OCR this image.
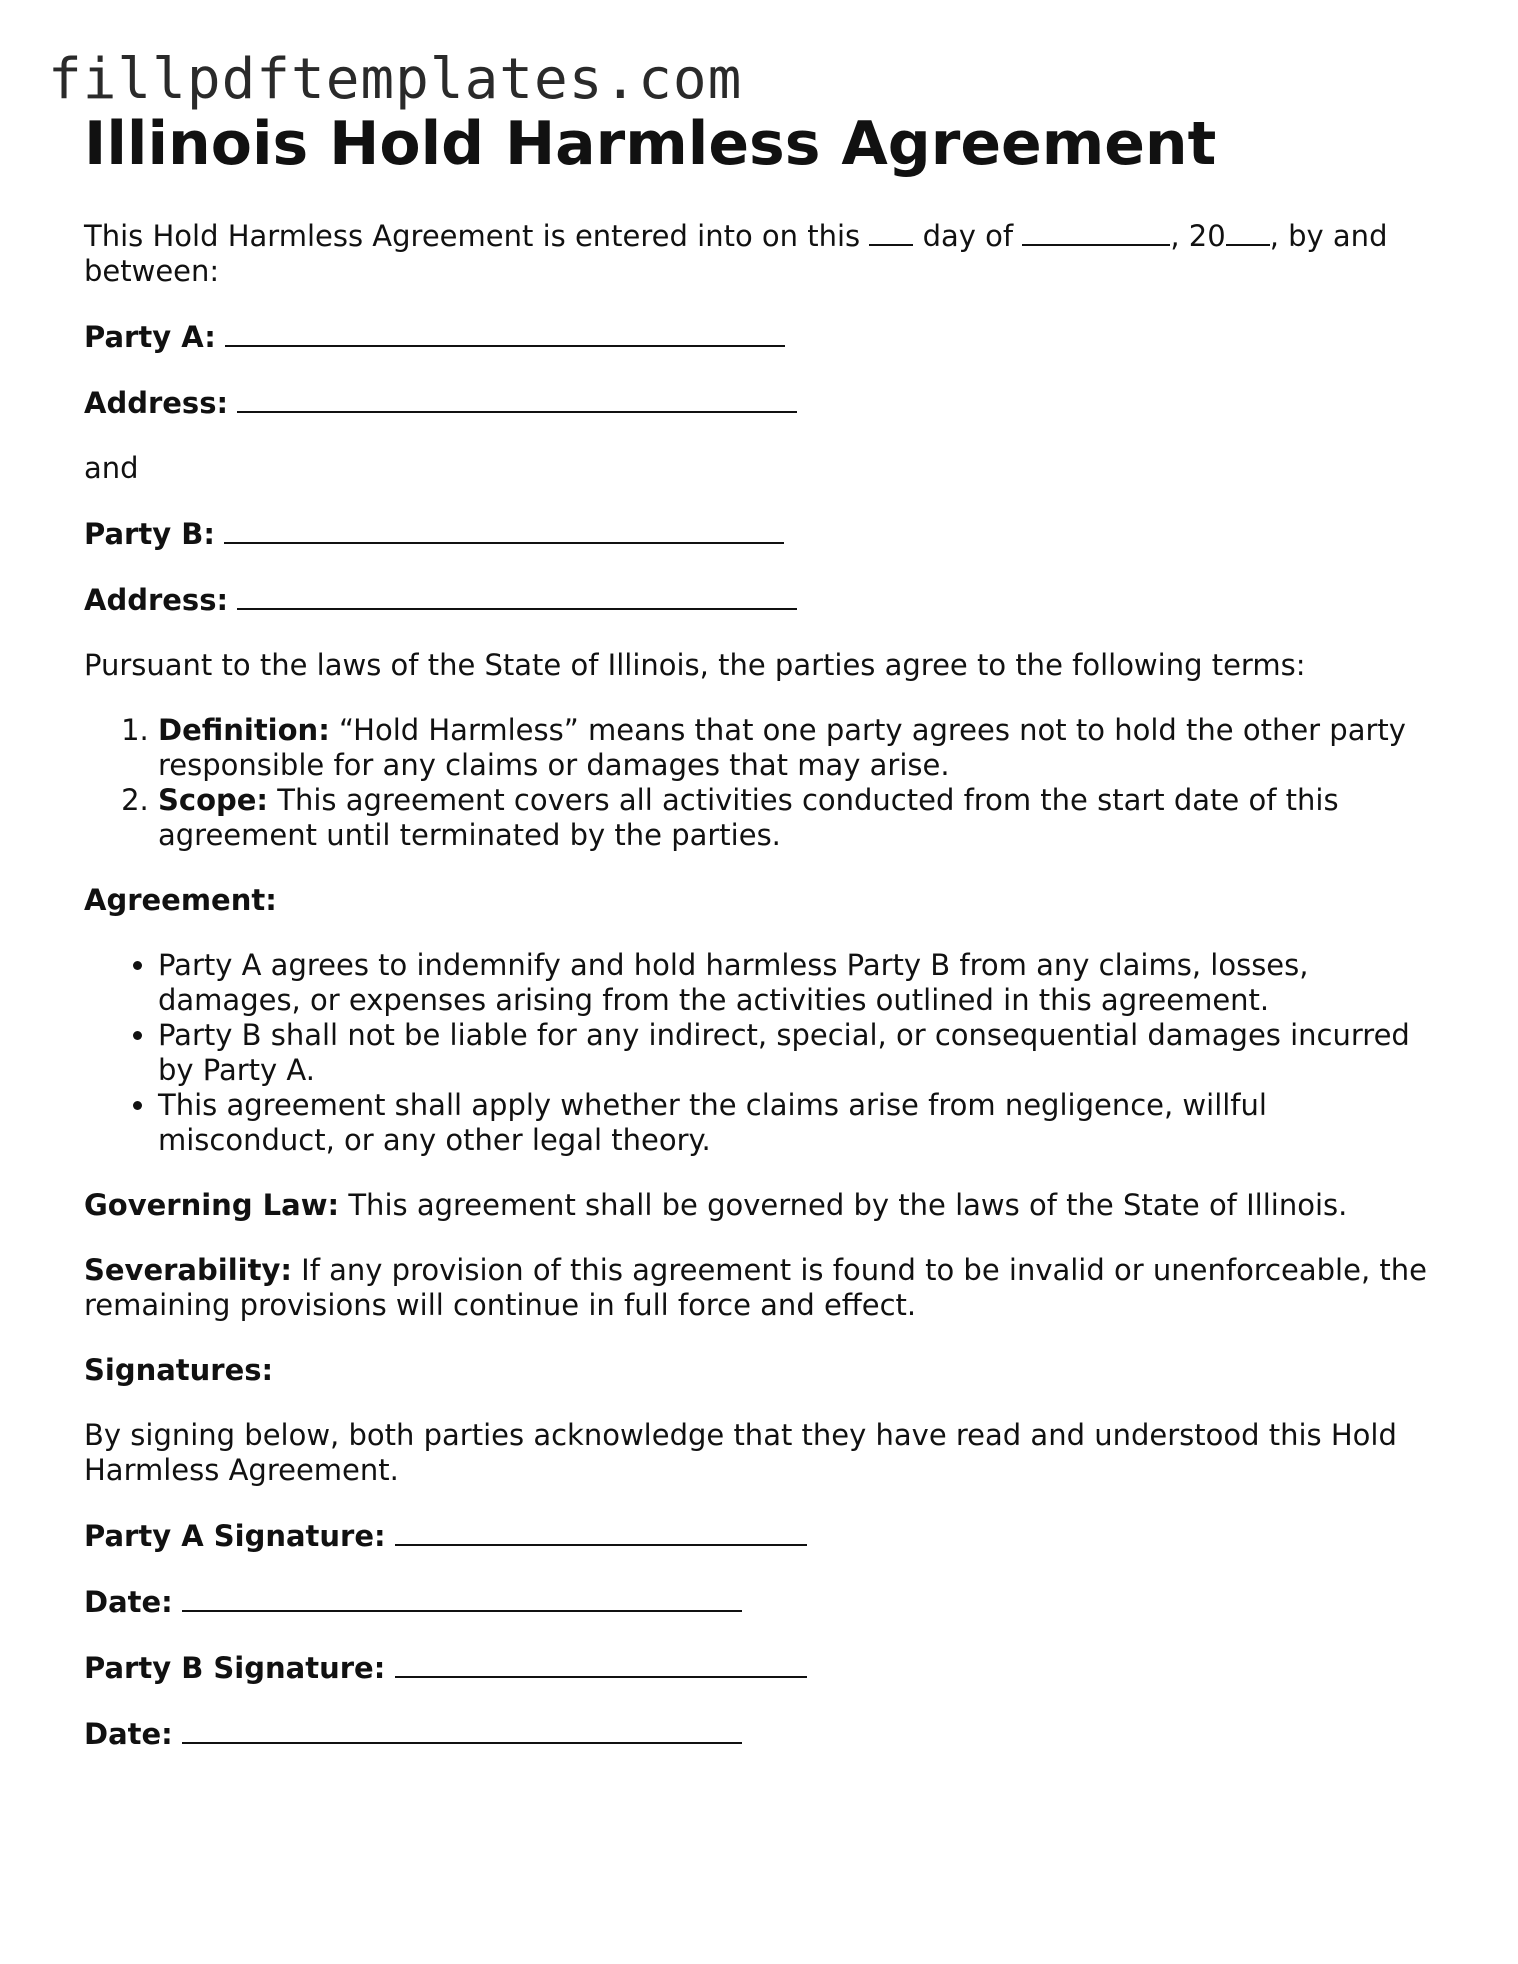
fillpdftemplates.com
Illinois Hold Harmless Agreement

This Hold Harmless Agreement is entered into on this  day of	, 20 , by and between:

Party A:

Address:

and

Party B:

Address:

Pursuant to the laws of the State of Illinois, the parties agree to the following terms:

1. Definition: “Hold Harmless” means that one party agrees not to hold the other party responsible for any claims or damages that may arise.
2. Scope: This agreement covers all activities conducted from the start date of this agreement until terminated by the parties.

Agreement:

• Party A agrees to indemnify and hold harmless Party B from any claims, losses, damages, or expenses arising from the activities outlined in this agreement.
• Party B shall not be liable for any indirect, special, or consequential damages incurred by Party A.
• This agreement shall apply whether the claims arise from negligence, willful misconduct, or any other legal theory.

Governing Law: This agreement shall be governed by the laws of the State of Illinois.

Severability: If any provision of this agreement is found to be invalid or unenforceable, the remaining provisions will continue in full force and effect.

Signatures:

By signing below, both parties acknowledge that they have read and understood this Hold Harmless Agreement.

Party A Signature:

Date:

Party B Signature:

Date:
